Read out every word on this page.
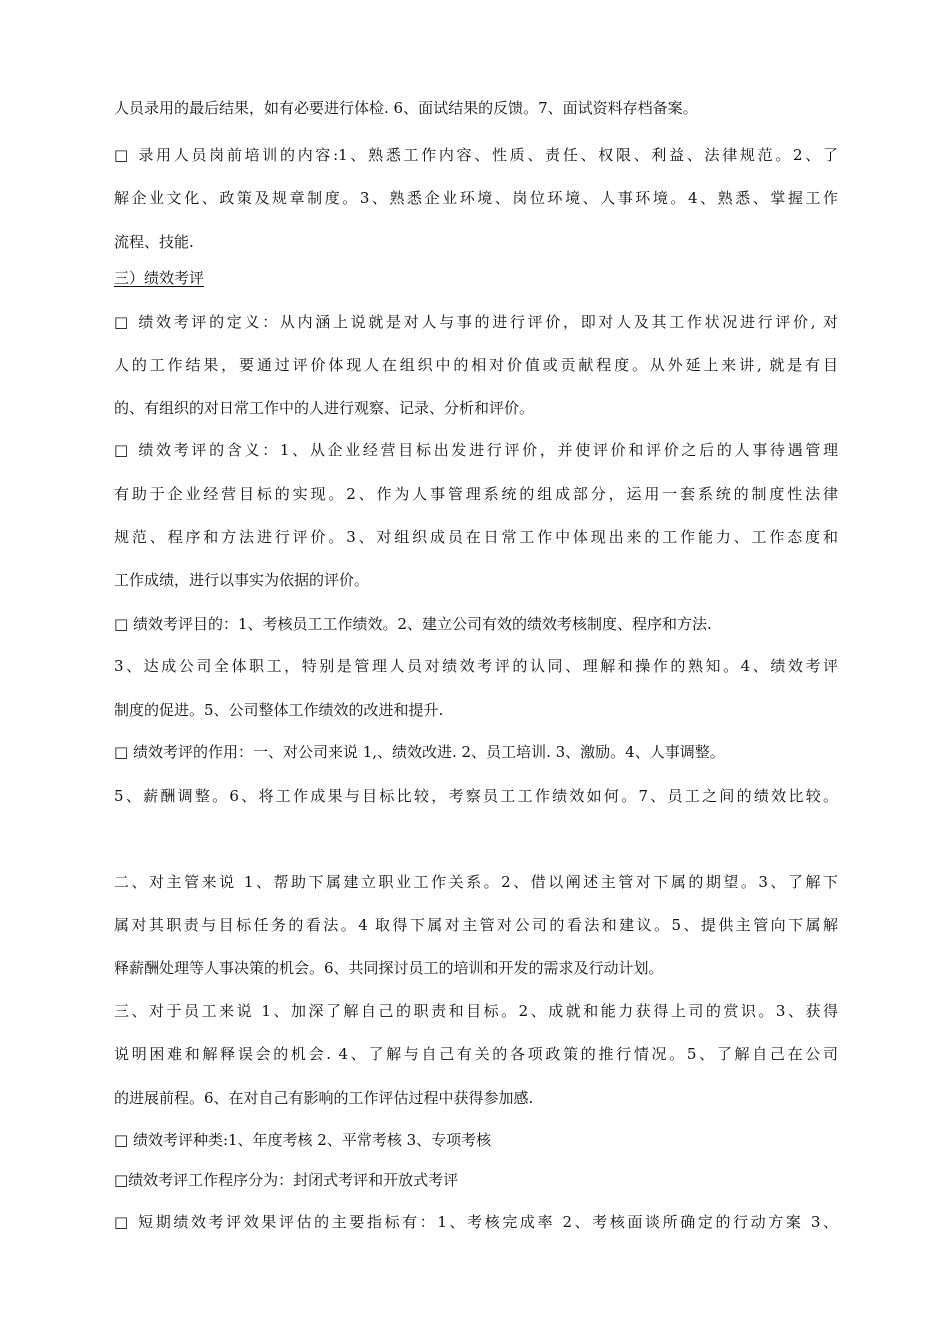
人员录用的最后结果，如有必要进行体检. 6、面试结果的反馈。7、面试资料存档备案。
□ 录用人员岗前培训的内容:1、熟悉工作内容、性质、责任、权限、利益、法律规范。2、了
解企业文化、政策及规章制度。3、熟悉企业环境、岗位环境、人事环境。4、熟悉、掌握工作
流程、技能.
三）绩效考评
□ 绩效考评的定义：从内涵上说就是对人与事的进行评价，即对人及其工作状况进行评价, 对
人的工作结果，要通过评价体现人在组织中的相对价值或贡献程度。从外延上来讲, 就是有目
的、有组织的对日常工作中的人进行观察、记录、分析和评价。
□ 绩效考评的含义：1、从企业经营目标出发进行评价，并使评价和评价之后的人事待遇管理
有助于企业经营目标的实现。2、作为人事管理系统的组成部分，运用一套系统的制度性法律
规范、程序和方法进行评价。3、对组织成员在日常工作中体现出来的工作能力、工作态度和
工作成绩，进行以事实为依据的评价。
□ 绩效考评目的：1、考核员工工作绩效。2、建立公司有效的绩效考核制度、程序和方法.
3、达成公司全体职工，特别是管理人员对绩效考评的认同、理解和操作的熟知。4、绩效考评
制度的促进。5、公司整体工作绩效的改进和提升.
□ 绩效考评的作用：一、对公司来说 1,、绩效改进. 2、员工培训. 3、激励。4、人事调整。
5、薪酬调整。6、将工作成果与目标比较，考察员工工作绩效如何。7、员工之间的绩效比较。
二、对主管来说 1、帮助下属建立职业工作关系。2、借以阐述主管对下属的期望。3、了解下
属对其职责与目标任务的看法。4 取得下属对主管对公司的看法和建议。5、提供主管向下属解
释薪酬处理等人事决策的机会。6、共同探讨员工的培训和开发的需求及行动计划。
三、对于员工来说 1、加深了解自己的职责和目标。2、成就和能力获得上司的赏识。3、获得
说明困难和解释误会的机会. 4、了解与自己有关的各项政策的推行情况。5、了解自己在公司
的进展前程。6、在对自己有影响的工作评估过程中获得参加感.
□ 绩效考评种类:1、年度考核 2、平常考核 3、专项考核
□绩效考评工作程序分为：封闭式考评和开放式考评
□ 短期绩效考评效果评估的主要指标有：1、考核完成率 2、考核面谈所确定的行动方案 3、
